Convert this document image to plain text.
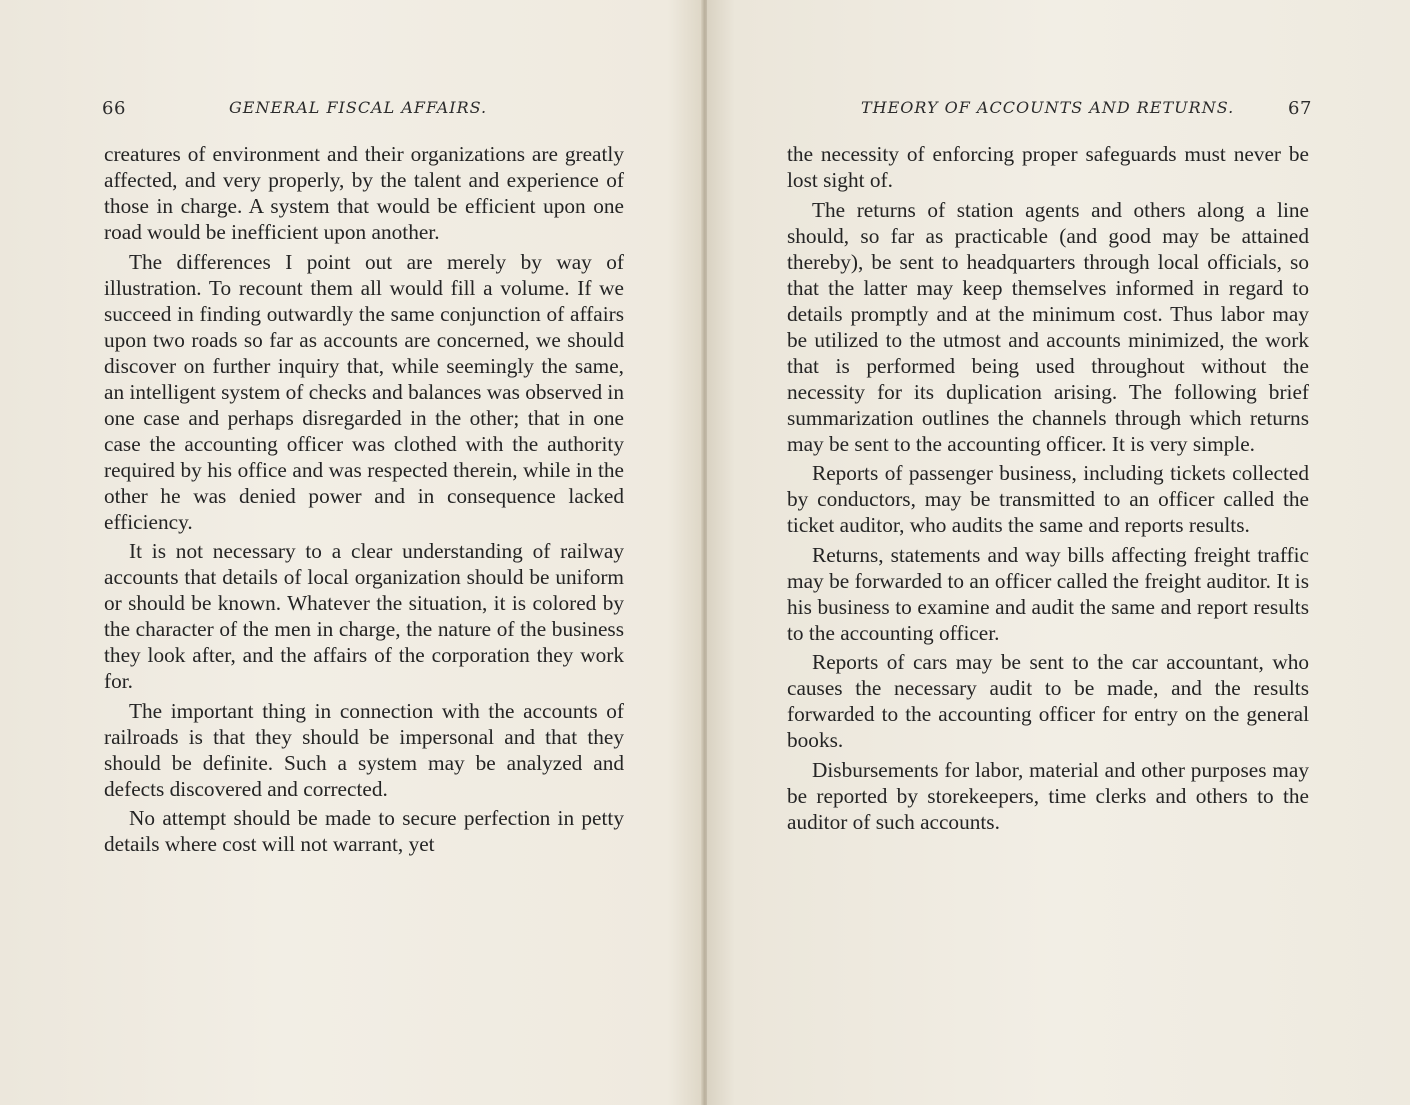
66	GENERAL FISCAL AFFAIRS.

creatures of environment and their organizations are greatly affected, and very properly, by the talent and experience of those in charge. A system that would be efficient upon one road would be inefficient upon another.

The differences I point out are merely by way of illustration. To recount them all would fill a volume. If we succeed in finding outwardly the same conjunction of affairs upon two roads so far as accounts are concerned, we should discover on further inquiry that, while seemingly the same, an intelligent system of checks and balances was observed in one case and perhaps disregarded in the other; that in one case the accounting officer was clothed with the authority required by his office and was respected therein, while in the other he was denied power and in consequence lacked efficiency.

It is not necessary to a clear understanding of railway accounts that details of local organization should be uniform or should be known. Whatever the situation, it is colored by the character of the men in charge, the nature of the business they look after, and the affairs of the corporation they work for.

The important thing in connection with the accounts of railroads is that they should be impersonal and that they should be definite. Such a system may be analyzed and defects discovered and corrected.

No attempt should be made to secure perfection in petty details where cost will not warrant, yet

THEORY OF ACCOUNTS AND RETURNS.	67

the necessity of enforcing proper safeguards must never be lost sight of.

The returns of station agents and others along a line should, so far as practicable (and good may be attained thereby), be sent to headquarters through local officials, so that the latter may keep themselves informed in regard to details promptly and at the minimum cost. Thus labor may be utilized to the utmost and accounts minimized, the work that is performed being used throughout without the necessity for its duplication arising. The following brief summarization outlines the channels through which returns may be sent to the accounting officer. It is very simple.

Reports of passenger business, including tickets collected by conductors, may be transmitted to an officer called the ticket auditor, who audits the same and reports results.

Returns, statements and way bills affecting freight traffic may be forwarded to an officer called the freight auditor. It is his business to examine and audit the same and report results to the accounting officer.

Reports of cars may be sent to the car accountant, who causes the necessary audit to be made, and the results forwarded to the accounting officer for entry on the general books.

Disbursements for labor, material and other purposes may be reported by storekeepers, time clerks and others to the auditor of such accounts.
